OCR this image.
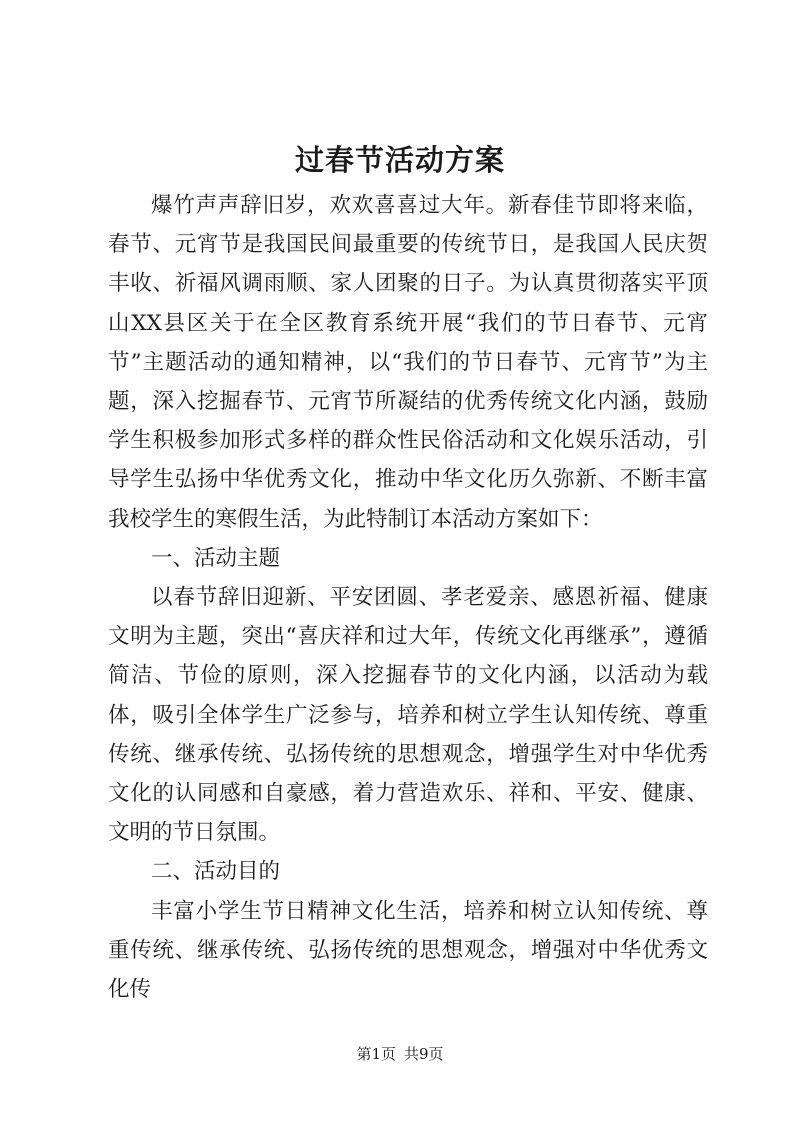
过春节活动方案

爆竹声声辞旧岁，欢欢喜喜过大年。新春佳节即将来临，春节、元宵节是我国民间最重要的传统节日，是我国人民庆贺丰收、祈福风调雨顺、家人团聚的日子。为认真贯彻落实平顶山XX县区关于在全区教育系统开展“我们的节日春节、元宵节”主题活动的通知精神，以“我们的节日春节、元宵节”为主题，深入挖掘春节、元宵节所凝结的优秀传统文化内涵，鼓励学生积极参加形式多样的群众性民俗活动和文化娱乐活动，引导学生弘扬中华优秀文化，推动中华文化历久弥新、不断丰富我校学生的寒假生活，为此特制订本活动方案如下：

一、活动主题

以春节辞旧迎新、平安团圆、孝老爱亲、感恩祈福、健康文明为主题，突出“喜庆祥和过大年，传统文化再继承”，遵循简洁、节俭的原则，深入挖掘春节的文化内涵，以活动为载体，吸引全体学生广泛参与，培养和树立学生认知传统、尊重传统、继承传统、弘扬传统的思想观念，增强学生对中华优秀文化的认同感和自豪感，着力营造欢乐、祥和、平安、健康、文明的节日氛围。

二、活动目的

丰富小学生节日精神文化生活，培养和树立认知传统、尊重传统、继承传统、弘扬传统的思想观念，增强对中华优秀文化传

第1页 共9页
